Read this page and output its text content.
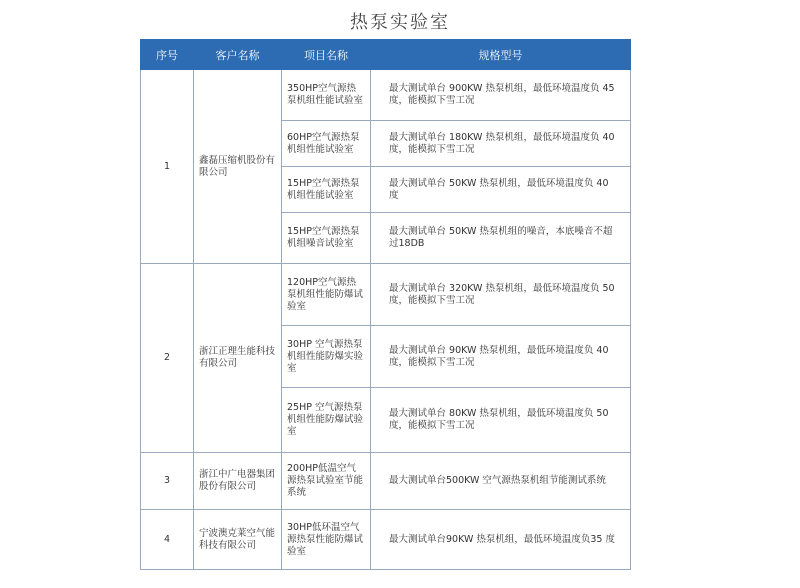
热泵实验室
序号	客户名称	项目名称	规格型号
1	鑫磊压缩机股份有限公司	350HP空气源热泵机组性能试验室	最大测试单台 900KW 热泵机组，最低环境温度负 45 度，能模拟下雪工况
		60HP空气源热泵机组性能试验室	最大测试单台 180KW 热泵机组，最低环境温度负 40 度，能模拟下雪工况
		15HP空气源热泵机组性能试验室	最大测试单台 50KW 热泵机组，最低环境温度负 40 度
		15HP空气源热泵机组噪音试验室	最大测试单台 50KW 热泵机组的噪音，本底噪音不超过18DB
2	浙江正理生能科技有限公司	120HP空气源热泵机组性能防爆试验室	最大测试单台 320KW 热泵机组，最低环境温度负 50度，能模拟下雪工况
		30HP 空气源热泵机组性能防爆实验室	最大测试单台 90KW 热泵机组，最低环境温度负 40 度，能模拟下雪工况
		25HP 空气源热泵机组性能防爆试验室	最大测试单台 80KW 热泵机组，最低环境温度负 50 度，能模拟下雪工况
3	浙江中广电器集团股份有限公司	200HP低温空气源热泵试验室节能系统	最大测试单台500KW 空气源热泵机组节能测试系统
4	宁波澳克莱空气能科技有限公司	30HP低环温空气源热泵性能防爆试验室	最大测试单台90KW 热泵机组，最低环境温度负35 度
